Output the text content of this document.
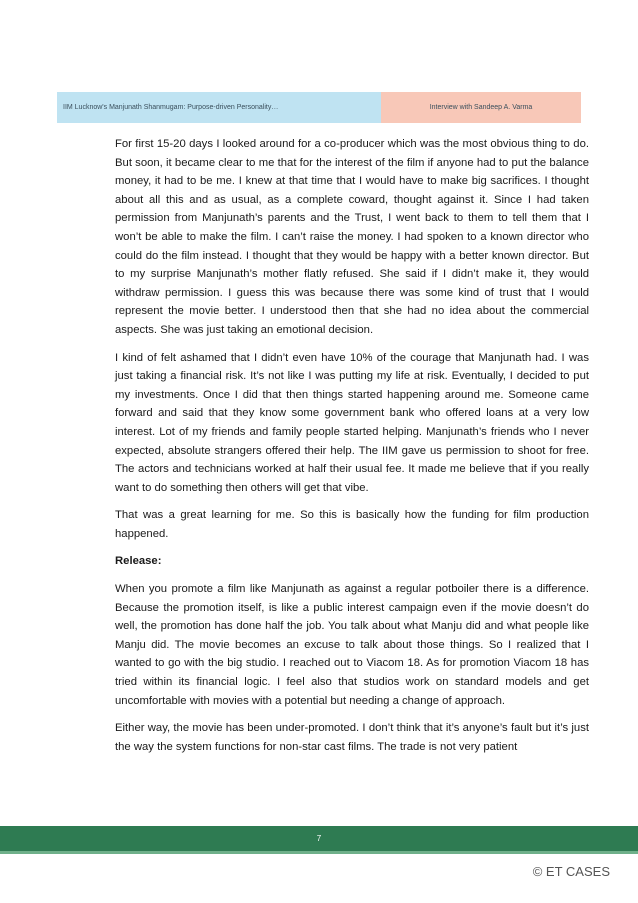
IIM Lucknow's Manjunath Shanmugam: Purpose-driven Personality…	Interview with Sandeep A. Varma

For first 15-20 days I looked around for a co-producer which was the most obvious thing to do. But soon, it became clear to me that for the interest of the film if anyone had to put the balance money, it had to be me. I knew at that time that I would have to make big sacrifices. I thought about all this and as usual, as a complete coward, thought against it. Since I had taken permission from Manjunath’s parents and the Trust, I went back to them to tell them that I won’t be able to make the film. I can’t raise the money. I had spoken to a known director who could do the film instead. I thought that they would be happy with a better known director. But to my surprise Manjunath’s mother flatly refused. She said if I didn’t make it, they would withdraw permission. I guess this was because there was some kind of trust that I would represent the movie better. I understood then that she had no idea about the commercial aspects. She was just taking an emotional decision.

I kind of felt ashamed that I didn’t even have 10% of the courage that Manjunath had. I was just taking a financial risk. It’s not like I was putting my life at risk. Eventually, I decided to put my investments. Once I did that then things started happening around me. Someone came forward and said that they know some government bank who offered loans at a very low interest. Lot of my friends and family people started helping. Manjunath’s friends who I never expected, absolute strangers offered their help. The IIM gave us permission to shoot for free. The actors and technicians worked at half their usual fee. It made me believe that if you really want to do something then others will get that vibe.

That was a great learning for me. So this is basically how the funding for film production happened.

Release:

When you promote a film like Manjunath as against a regular potboiler there is a difference. Because the promotion itself, is like a public interest campaign even if the movie doesn’t do well, the promotion has done half the job. You talk about what Manju did and what people like Manju did. The movie becomes an excuse to talk about those things. So I realized that I wanted to go with the big studio. I reached out to Viacom 18. As for promotion Viacom 18 has tried within its financial logic. I feel also that studios work on standard models and get uncomfortable with movies with a potential but needing a change of approach.

Either way, the movie has been under-promoted. I don’t think that it’s anyone’s fault but it’s just the way the system functions for non-star cast films. The trade is not very patient

7
© ET CASES
